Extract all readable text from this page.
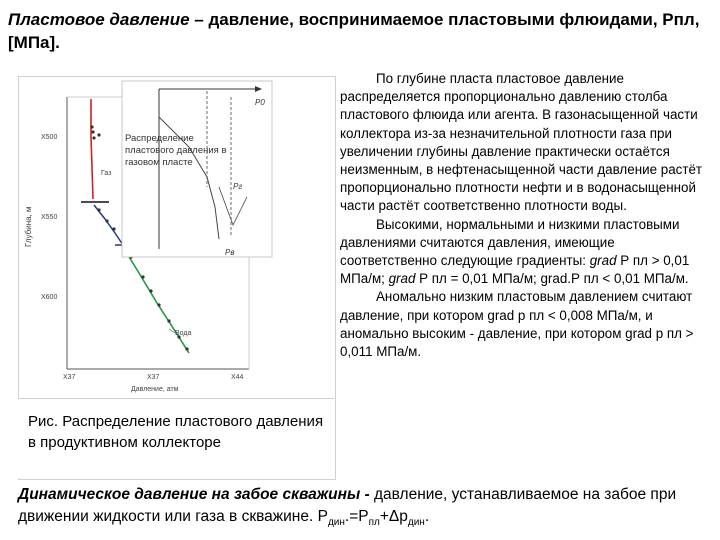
Пластовое давление – давление, воспринимаемое пластовыми флюидами, Рпл, [МПа].
Глубина, м
X500
X550
X600
X37	X37	X44
Давление, атм
Газ
Вода
Р0
Рг
Рв
Распределение пластового давления в газовом пласте
Рис. Распределение пластового давления в продуктивном коллекторе

По глубине пласта пластовое давление распределяется пропорционально давлению столба пластового флюида или агента. В газонасыщенной части коллектора из-за незначительной плотности газа при увеличении глубины давление практически остаётся неизменным, в нефтенасыщенной части давление растёт пропорционально плотности нефти и в водонасыщенной части растёт соответственно плотности воды.

Высокими, нормальными и низкими пластовыми давлениями считаются давления, имеющие соответственно следующие градиенты: grad Р пл > 0,01 МПа/м; grad Р пл = 0,01 МПа/м; grad.Р пл < 0,01 МПа/м.

Аномально низким пластовым давлением считают давление, при котором grad р пл < 0,008 МПа/м, и аномально высоким - давление, при котором grad р пл > 0,011 МПа/м.

Динамическое давление на забое скважины - давление, устанавливаемое на забое при движении жидкости или газа в скважине. $Р_{дин}.=Р_{пл}+\Delta р_{дин}$.
